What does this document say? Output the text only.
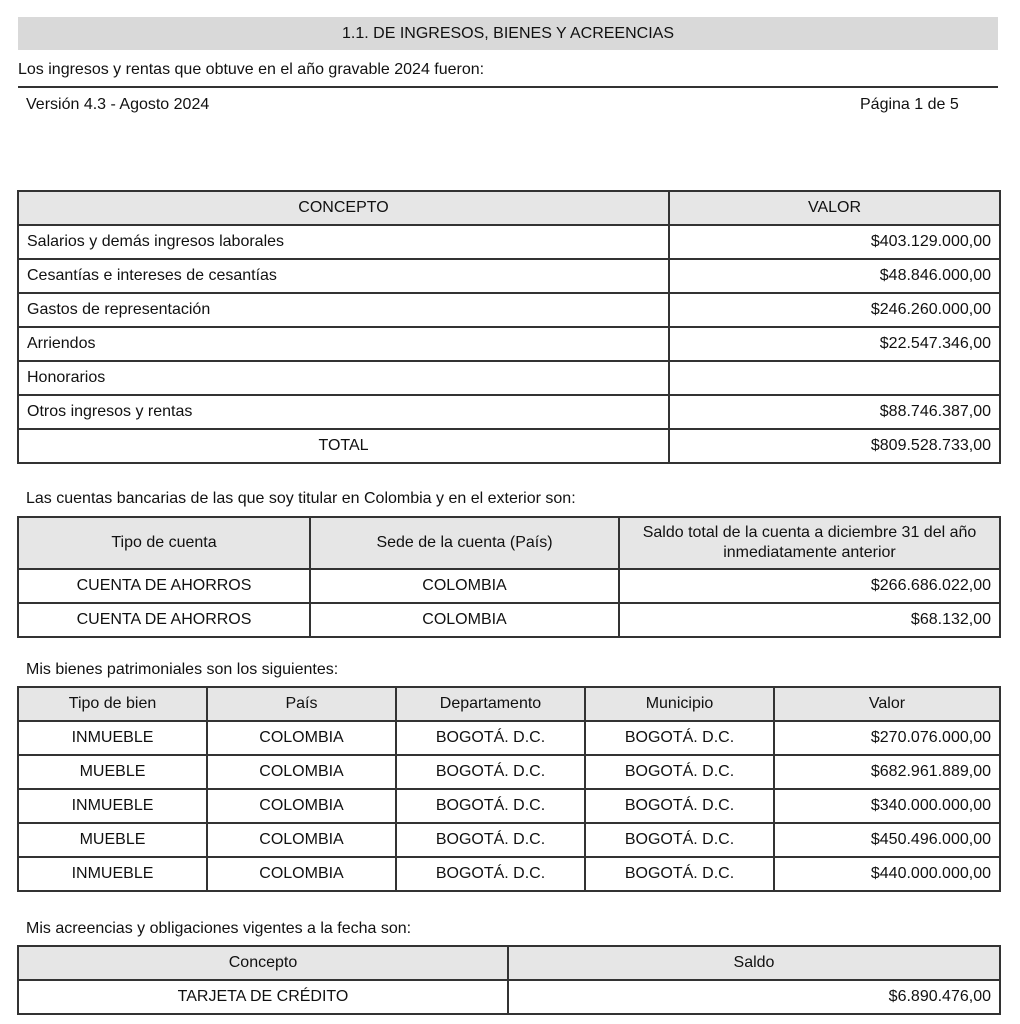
1.1. DE INGRESOS, BIENES Y ACREENCIAS
Los ingresos y rentas que obtuve en el año gravable 2024 fueron:
Versión 4.3 - Agosto 2024	Página 1 de 5
CONCEPTO	VALOR
Salarios y demás ingresos laborales	$403.129.000,00
Cesantías e intereses de cesantías	$48.846.000,00
Gastos de representación	$246.260.000,00
Arriendos	$22.547.346,00
Honorarios	
Otros ingresos y rentas	$88.746.387,00
TOTAL	$809.528.733,00
Las cuentas bancarias de las que soy titular en Colombia y en el exterior son:
Tipo de cuenta	Sede de la cuenta (País)	Saldo total de la cuenta a diciembre 31 del año inmediatamente anterior
CUENTA DE AHORROS	COLOMBIA	$266.686.022,00
CUENTA DE AHORROS	COLOMBIA	$68.132,00
Mis bienes patrimoniales son los siguientes:
Tipo de bien	País	Departamento	Municipio	Valor
INMUEBLE	COLOMBIA	BOGOTÁ. D.C.	BOGOTÁ. D.C.	$270.076.000,00
MUEBLE	COLOMBIA	BOGOTÁ. D.C.	BOGOTÁ. D.C.	$682.961.889,00
INMUEBLE	COLOMBIA	BOGOTÁ. D.C.	BOGOTÁ. D.C.	$340.000.000,00
MUEBLE	COLOMBIA	BOGOTÁ. D.C.	BOGOTÁ. D.C.	$450.496.000,00
INMUEBLE	COLOMBIA	BOGOTÁ. D.C.	BOGOTÁ. D.C.	$440.000.000,00
Mis acreencias y obligaciones vigentes a la fecha son:
Concepto	Saldo
TARJETA DE CRÉDITO	$6.890.476,00
